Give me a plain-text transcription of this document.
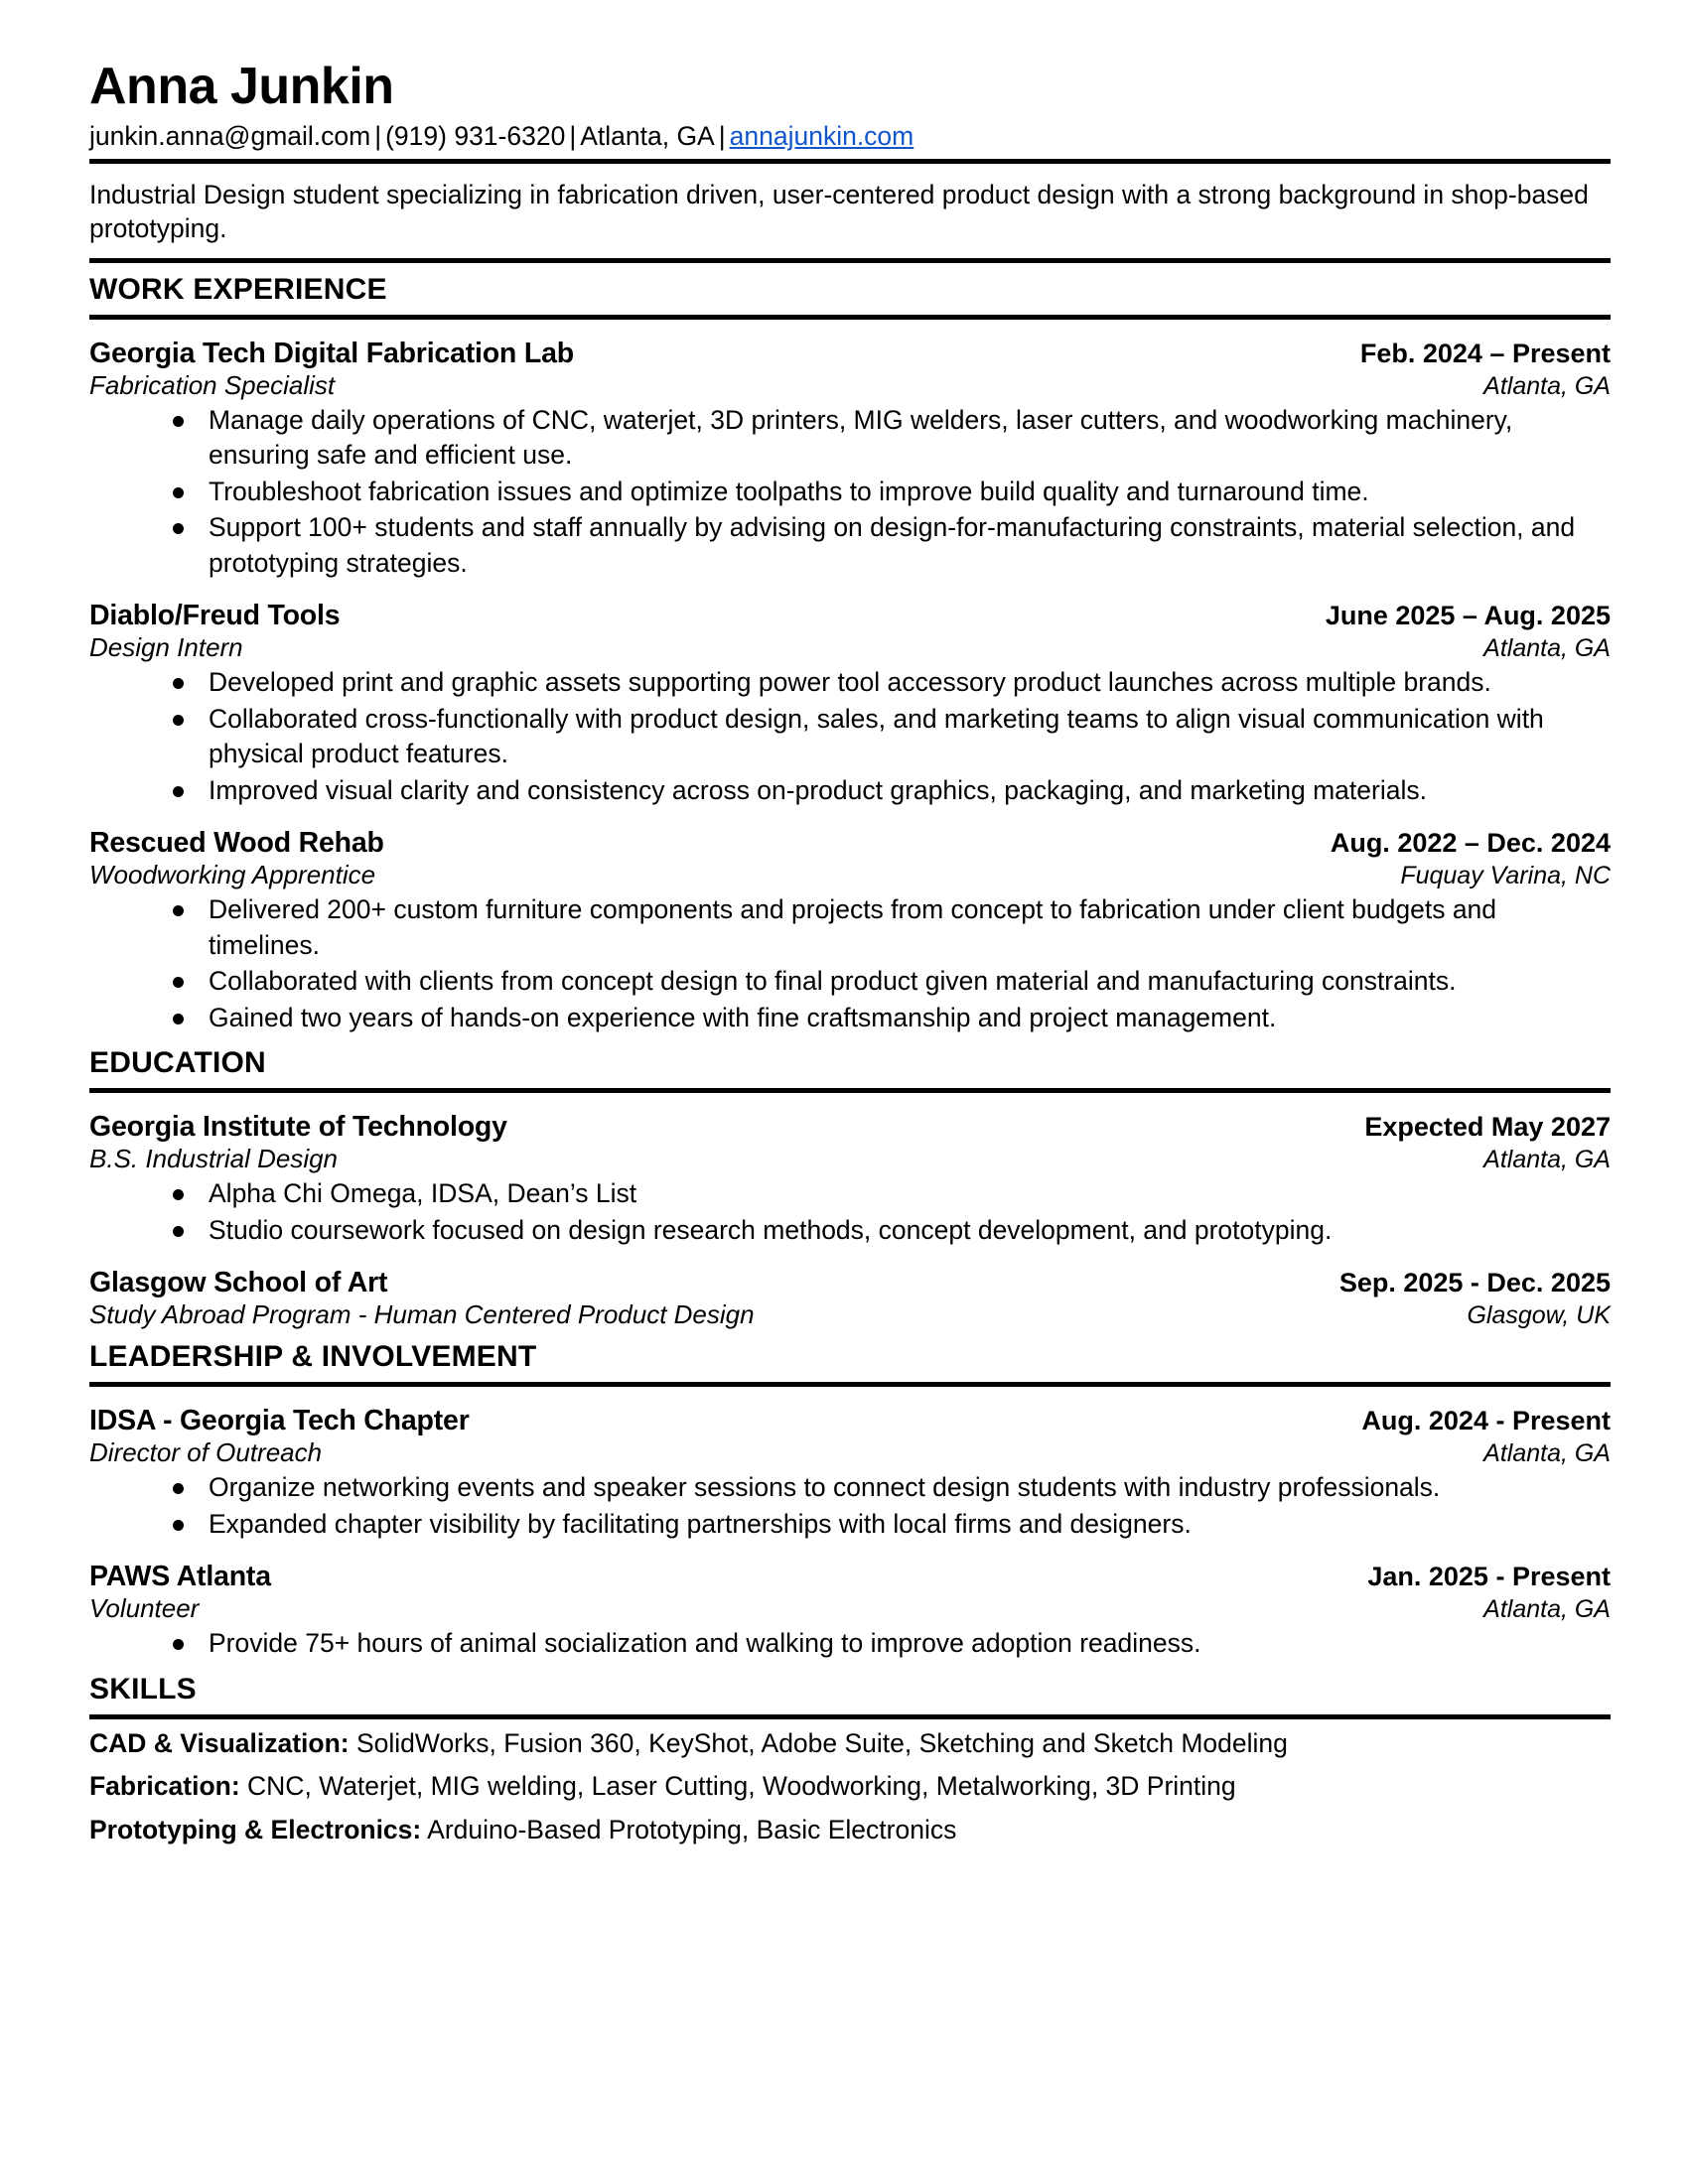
Anna Junkin
junkin.anna@gmail.com | (919) 931-6320 | Atlanta, GA | annajunkin.com

Industrial Design student specializing in fabrication driven, user-centered product design with a strong background in shop-based prototyping.

WORK EXPERIENCE
Georgia Tech Digital Fabrication Lab	Feb. 2024 – Present
Fabrication Specialist	Atlanta, GA
Manage daily operations of CNC, waterjet, 3D printers, MIG welders, laser cutters, and woodworking machinery, ensuring safe and efficient use.
Troubleshoot fabrication issues and optimize toolpaths to improve build quality and turnaround time.
Support 100+ students and staff annually by advising on design-for-manufacturing constraints, material selection, and prototyping strategies.
Diablo/Freud Tools	June 2025 – Aug. 2025
Design Intern	Atlanta, GA
Developed print and graphic assets supporting power tool accessory product launches across multiple brands.
Collaborated cross-functionally with product design, sales, and marketing teams to align visual communication with physical product features.
Improved visual clarity and consistency across on-product graphics, packaging, and marketing materials.
Rescued Wood Rehab	Aug. 2022 – Dec. 2024
Woodworking Apprentice	Fuquay Varina, NC
Delivered 200+ custom furniture components and projects from concept to fabrication under client budgets and timelines.
Collaborated with clients from concept design to final product given material and manufacturing constraints.
Gained two years of hands-on experience with fine craftsmanship and project management.
EDUCATION
Georgia Institute of Technology	Expected May 2027
B.S. Industrial Design	Atlanta, GA
Alpha Chi Omega, IDSA, Dean’s List
Studio coursework focused on design research methods, concept development, and prototyping.
Glasgow School of Art	Sep. 2025 - Dec. 2025
Study Abroad Program - Human Centered Product Design	Glasgow, UK
LEADERSHIP & INVOLVEMENT
IDSA - Georgia Tech Chapter	Aug. 2024 - Present
Director of Outreach	Atlanta, GA
Organize networking events and speaker sessions to connect design students with industry professionals.
Expanded chapter visibility by facilitating partnerships with local firms and designers.
PAWS Atlanta	Jan. 2025 - Present
Volunteer	Atlanta, GA
Provide 75+ hours of animal socialization and walking to improve adoption readiness.
SKILLS
CAD & Visualization: SolidWorks, Fusion 360, KeyShot, Adobe Suite, Sketching and Sketch Modeling
Fabrication: CNC, Waterjet, MIG welding, Laser Cutting, Woodworking, Metalworking, 3D Printing
Prototyping & Electronics: Arduino-Based Prototyping, Basic Electronics
